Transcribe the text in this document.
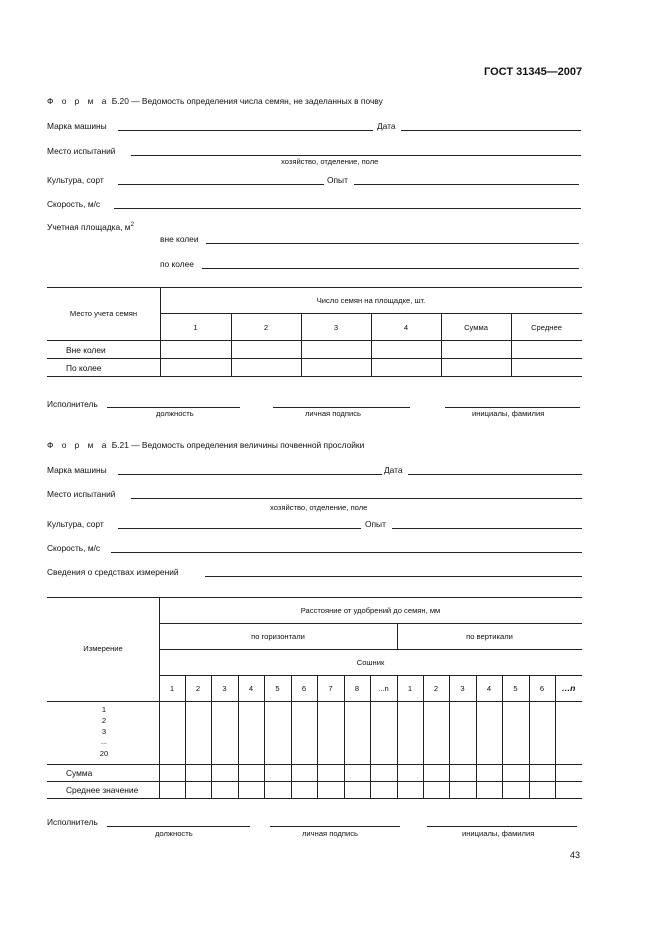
ГОСТ 31345—2007
Ф о р м а Б.20 — Ведомость определения числа семян, не заделанных в почву
Марка машины	Дата
Место испытаний
хозяйство, отделение, поле
Культура, сорт	Опыт
Скорость, м/с
Учетная площадка, $м^2$
вне колеи
по колее
Место учета семян
Число семян на площадке, шт.
1	2	3	4	Сумма	Среднее
Вне колеи
По колее
Исполнитель
должность	личная подпись	инициалы, фамилия
Ф о р м а Б.21 — Ведомость определения величины почвенной прослойки
Марка машины	Дата
Место испытаний
хозяйство, отделение, поле
Культура, сорт	Опыт
Скорость, м/с
Сведения о средствах измерений
Измерение
Расстояние от удобрений до семян, мм
по горизонтали	по вертикали
Сошник
1	2	3	4	5	6	7	8	...n	1	2	3	4	5	6	…n
1
2
3
...
20
Сумма
Среднее значение
Исполнитель
должность	личная подпись	инициалы, фамилия
43
